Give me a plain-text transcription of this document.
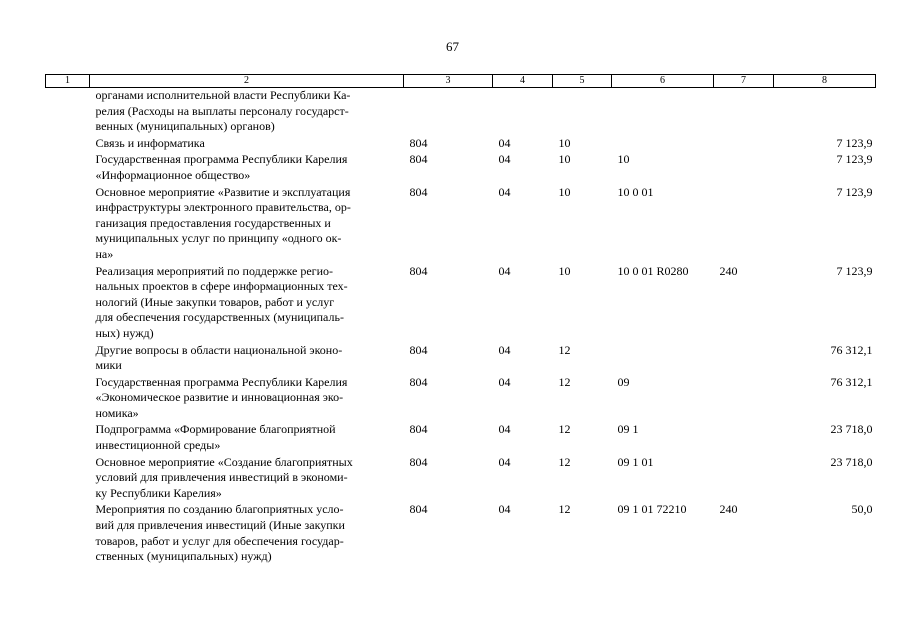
67
1	2	3	4	5	6	7	8

	органами исполнительной власти Республики Ка-
релия (Расходы на выплаты персоналу государст-
венных (муниципальных) органов)						

	Связь и информатика	804	04	10			7 123,9

	Государственная программа Республики Карелия
«Информационное общество»	804	04	10	10		7 123,9

	Основное мероприятие «Развитие и эксплуатация
инфраструктуры электронного правительства, ор-
ганизация предоставления государственных и
муниципальных услуг по принципу «одного ок-
на»	804	04	10	10 0 01		7 123,9

	Реализация мероприятий по поддержке регио-
нальных проектов в сфере информационных тех-
нологий (Иные закупки товаров, работ и услуг
для обеспечения государственных (муниципаль-
ных) нужд)	804	04	10	10 0 01 R0280	240	7 123,9

	Другие вопросы в области национальной эконо-
мики	804	04	12			76 312,1

	Государственная программа Республики Карелия
«Экономическое развитие и инновационная эко-
номика»	804	04	12	09		76 312,1

	Подпрограмма «Формирование благоприятной
инвестиционной среды»	804	04	12	09 1		23 718,0

	Основное мероприятие «Создание благоприятных
условий для привлечения инвестиций в экономи-
ку Республики Карелия»	804	04	12	09 1 01		23 718,0

	Мероприятия по созданию благоприятных усло-
вий для привлечения инвестиций (Иные закупки
товаров, работ и услуг для обеспечения государ-
ственных (муниципальных) нужд)	804	04	12	09 1 01 72210	240	50,0
